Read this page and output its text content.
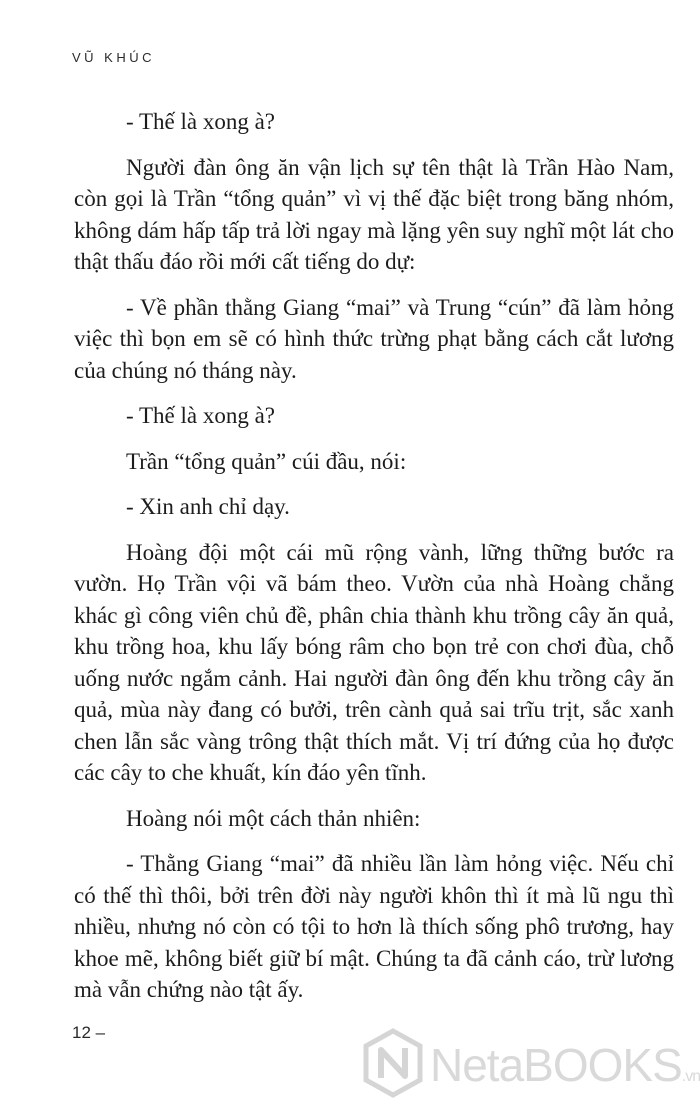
VŨ KHÚC

- Thế là xong à?

Người đàn ông ăn vận lịch sự tên thật là Trần Hào Nam, còn gọi là Trần “tổng quản” vì vị thế đặc biệt trong băng nhóm, không dám hấp tấp trả lời ngay mà lặng yên suy nghĩ một lát cho thật thấu đáo rồi mới cất tiếng do dự:

- Về phần thằng Giang “mai” và Trung “cún” đã làm hỏng việc thì bọn em sẽ có hình thức trừng phạt bằng cách cắt lương của chúng nó tháng này.

- Thế là xong à?

Trần “tổng quản” cúi đầu, nói:

- Xin anh chỉ dạy.

Hoàng đội một cái mũ rộng vành, lững thững bước ra vườn. Họ Trần vội vã bám theo. Vườn của nhà Hoàng chẳng khác gì công viên chủ đề, phân chia thành khu trồng cây ăn quả, khu trồng hoa, khu lấy bóng râm cho bọn trẻ con chơi đùa, chỗ uống nước ngắm cảnh. Hai người đàn ông đến khu trồng cây ăn quả, mùa này đang có bưởi, trên cành quả sai trĩu trịt, sắc xanh chen lẫn sắc vàng trông thật thích mắt. Vị trí đứng của họ được các cây to che khuất, kín đáo yên tĩnh.

Hoàng nói một cách thản nhiên:

- Thằng Giang “mai” đã nhiều lần làm hỏng việc. Nếu chỉ có thế thì thôi, bởi trên đời này người khôn thì ít mà lũ ngu thì nhiều, nhưng nó còn có tội to hơn là thích sống phô trương, hay khoe mẽ, không biết giữ bí mật. Chúng ta đã cảnh cáo, trừ lương mà vẫn chứng nào tật ấy.

12 –
NetaBOOKS.vn
